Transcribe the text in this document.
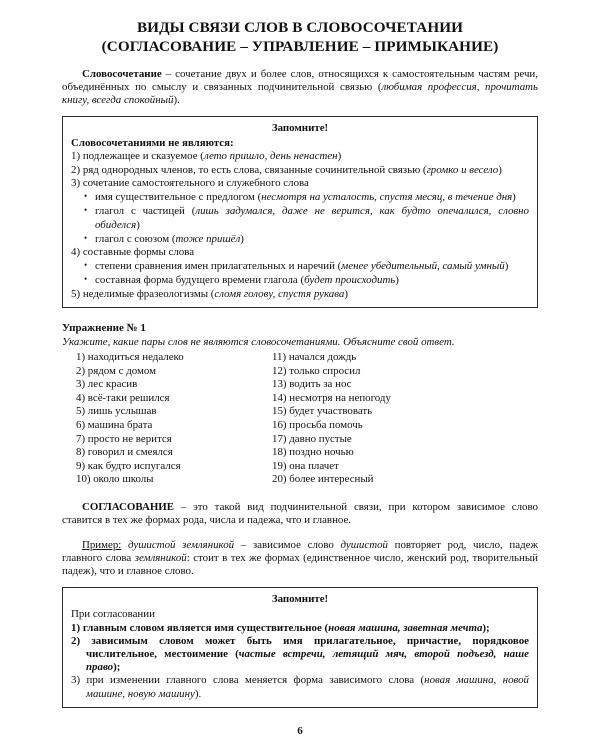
ВИДЫ СВЯЗИ СЛОВ В СЛОВОСОЧЕТАНИИ
(СОГЛАСОВАНИЕ – УПРАВЛЕНИЕ – ПРИМЫКАНИЕ)

Словосочетание – сочетание двух и более слов, относящихся к самостоятельным частям речи, объединённых по смыслу и связанных подчинительной связью (любимая профессия, прочитать книгу, всегда спокойный).

Запомните!
Словосочетаниями не являются:
1) подлежащее и сказуемое (лето пришло, день ненастен)
2) ряд однородных членов, то есть слова, связанные сочинительной связью (громко и весело)
3) сочетание самостоятельного и служебного слова
• имя существительное с предлогом (несмотря на усталость, спустя месяц, в течение дня)
• глагол с частицей (лишь задумался, даже не верится, как будто опечалился, словно обиделся)
• глагол с союзом (тоже пришёл)
4) составные формы слова
• степени сравнения имен прилагательных и наречий (менее убедительный, самый умный)
• составная форма будущего времени глагола (будет происходить)
5) неделимые фразеологизмы (сломя голову, спустя рукава)
Упражнение № 1
Укажите, какие пары слов не являются словосочетаниями. Объясните свой ответ.
1) находиться недалеко
2) рядом с домом
3) лес красив
4) всё-таки решился
5) лишь услышав
6) машина брата
7) просто не верится
8) говорил и смеялся
9) как будто испугался
10) около школы
11) начался дождь
12) только спросил
13) водить за нос
14) несмотря на непогоду
15) будет участвовать
16) просьба помочь
17) давно пустые
18) поздно ночью
19) она плачет
20) более интересный

СОГЛАСОВАНИЕ – это такой вид подчинительной связи, при котором зависимое слово ставится в тех же формах рода, числа и падежа, что и главное.

Пример: душистой земляникой – зависимое слово душистой повторяет род, число, падеж главного слова земляникой: стоит в тех же формах (единственное число, женский род, творительный падеж), что и главное слово.

Запомните!
При согласовании
1) главным словом является имя существительное (новая машина, заветная мечта);
2) зависимым словом может быть имя прилагательное, причастие, порядковое числительное, местоимение (частые встречи, летящий мяч, второй подъезд, наше право);
3) при изменении главного слова меняется форма зависимого слова (новая машина, новой машине, новую машину).
6
